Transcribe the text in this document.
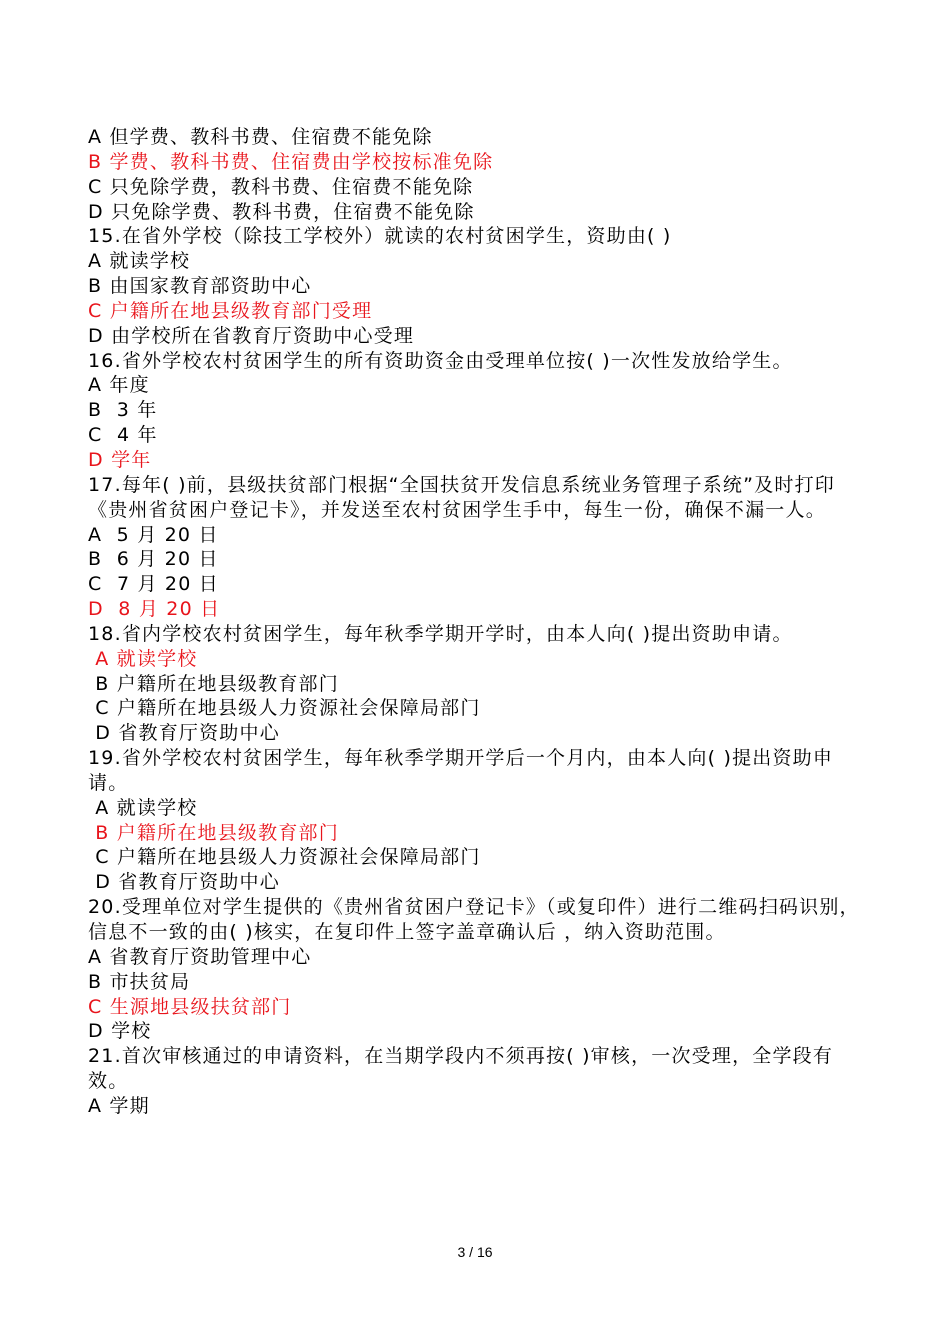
A 但学费、教科书费、住宿费不能免除
B 学费、教科书费、住宿费由学校按标准免除
C 只免除学费，教科书费、住宿费不能免除
D 只免除学费、教科书费，住宿费不能免除
15.在省外学校（除技工学校外）就读的农村贫困学生，资助由( )
A 就读学校
B 由国家教育部资助中心
C 户籍所在地县级教育部门受理
D 由学校所在省教育厅资助中心受理
16.省外学校农村贫困学生的所有资助资金由受理单位按( )一次性发放给学生。
A 年度
B  3 年
C  4 年
D 学年
17.每年( )前，县级扶贫部门根据“全国扶贫开发信息系统业务管理子系统”及时打印《贵州省贫困户登记卡》，并发送至农村贫困学生手中，每生一份，确保不漏一人。
A  5 月 20 日
B  6 月 20 日
C  7 月 20 日
D  8 月 20 日
18.省内学校农村贫困学生，每年秋季学期开学时，由本人向( )提出资助申请。
A 就读学校
B 户籍所在地县级教育部门
C 户籍所在地县级人力资源社会保障局部门
D 省教育厅资助中心
19.省外学校农村贫困学生，每年秋季学期开学后一个月内，由本人向( )提出资助申请。
A 就读学校
B 户籍所在地县级教育部门
C 户籍所在地县级人力资源社会保障局部门
D 省教育厅资助中心
20.受理单位对学生提供的《贵州省贫困户登记卡》（或复印件）进行二维码扫码识别，信息不一致的由( )核实，在复印件上签字盖章确认后 ，纳入资助范围。
A 省教育厅资助管理中心
B 市扶贫局
C 生源地县级扶贫部门
D 学校
21.首次审核通过的申请资料，在当期学段内不须再按( )审核，一次受理，全学段有效。
A 学期
3 / 16
